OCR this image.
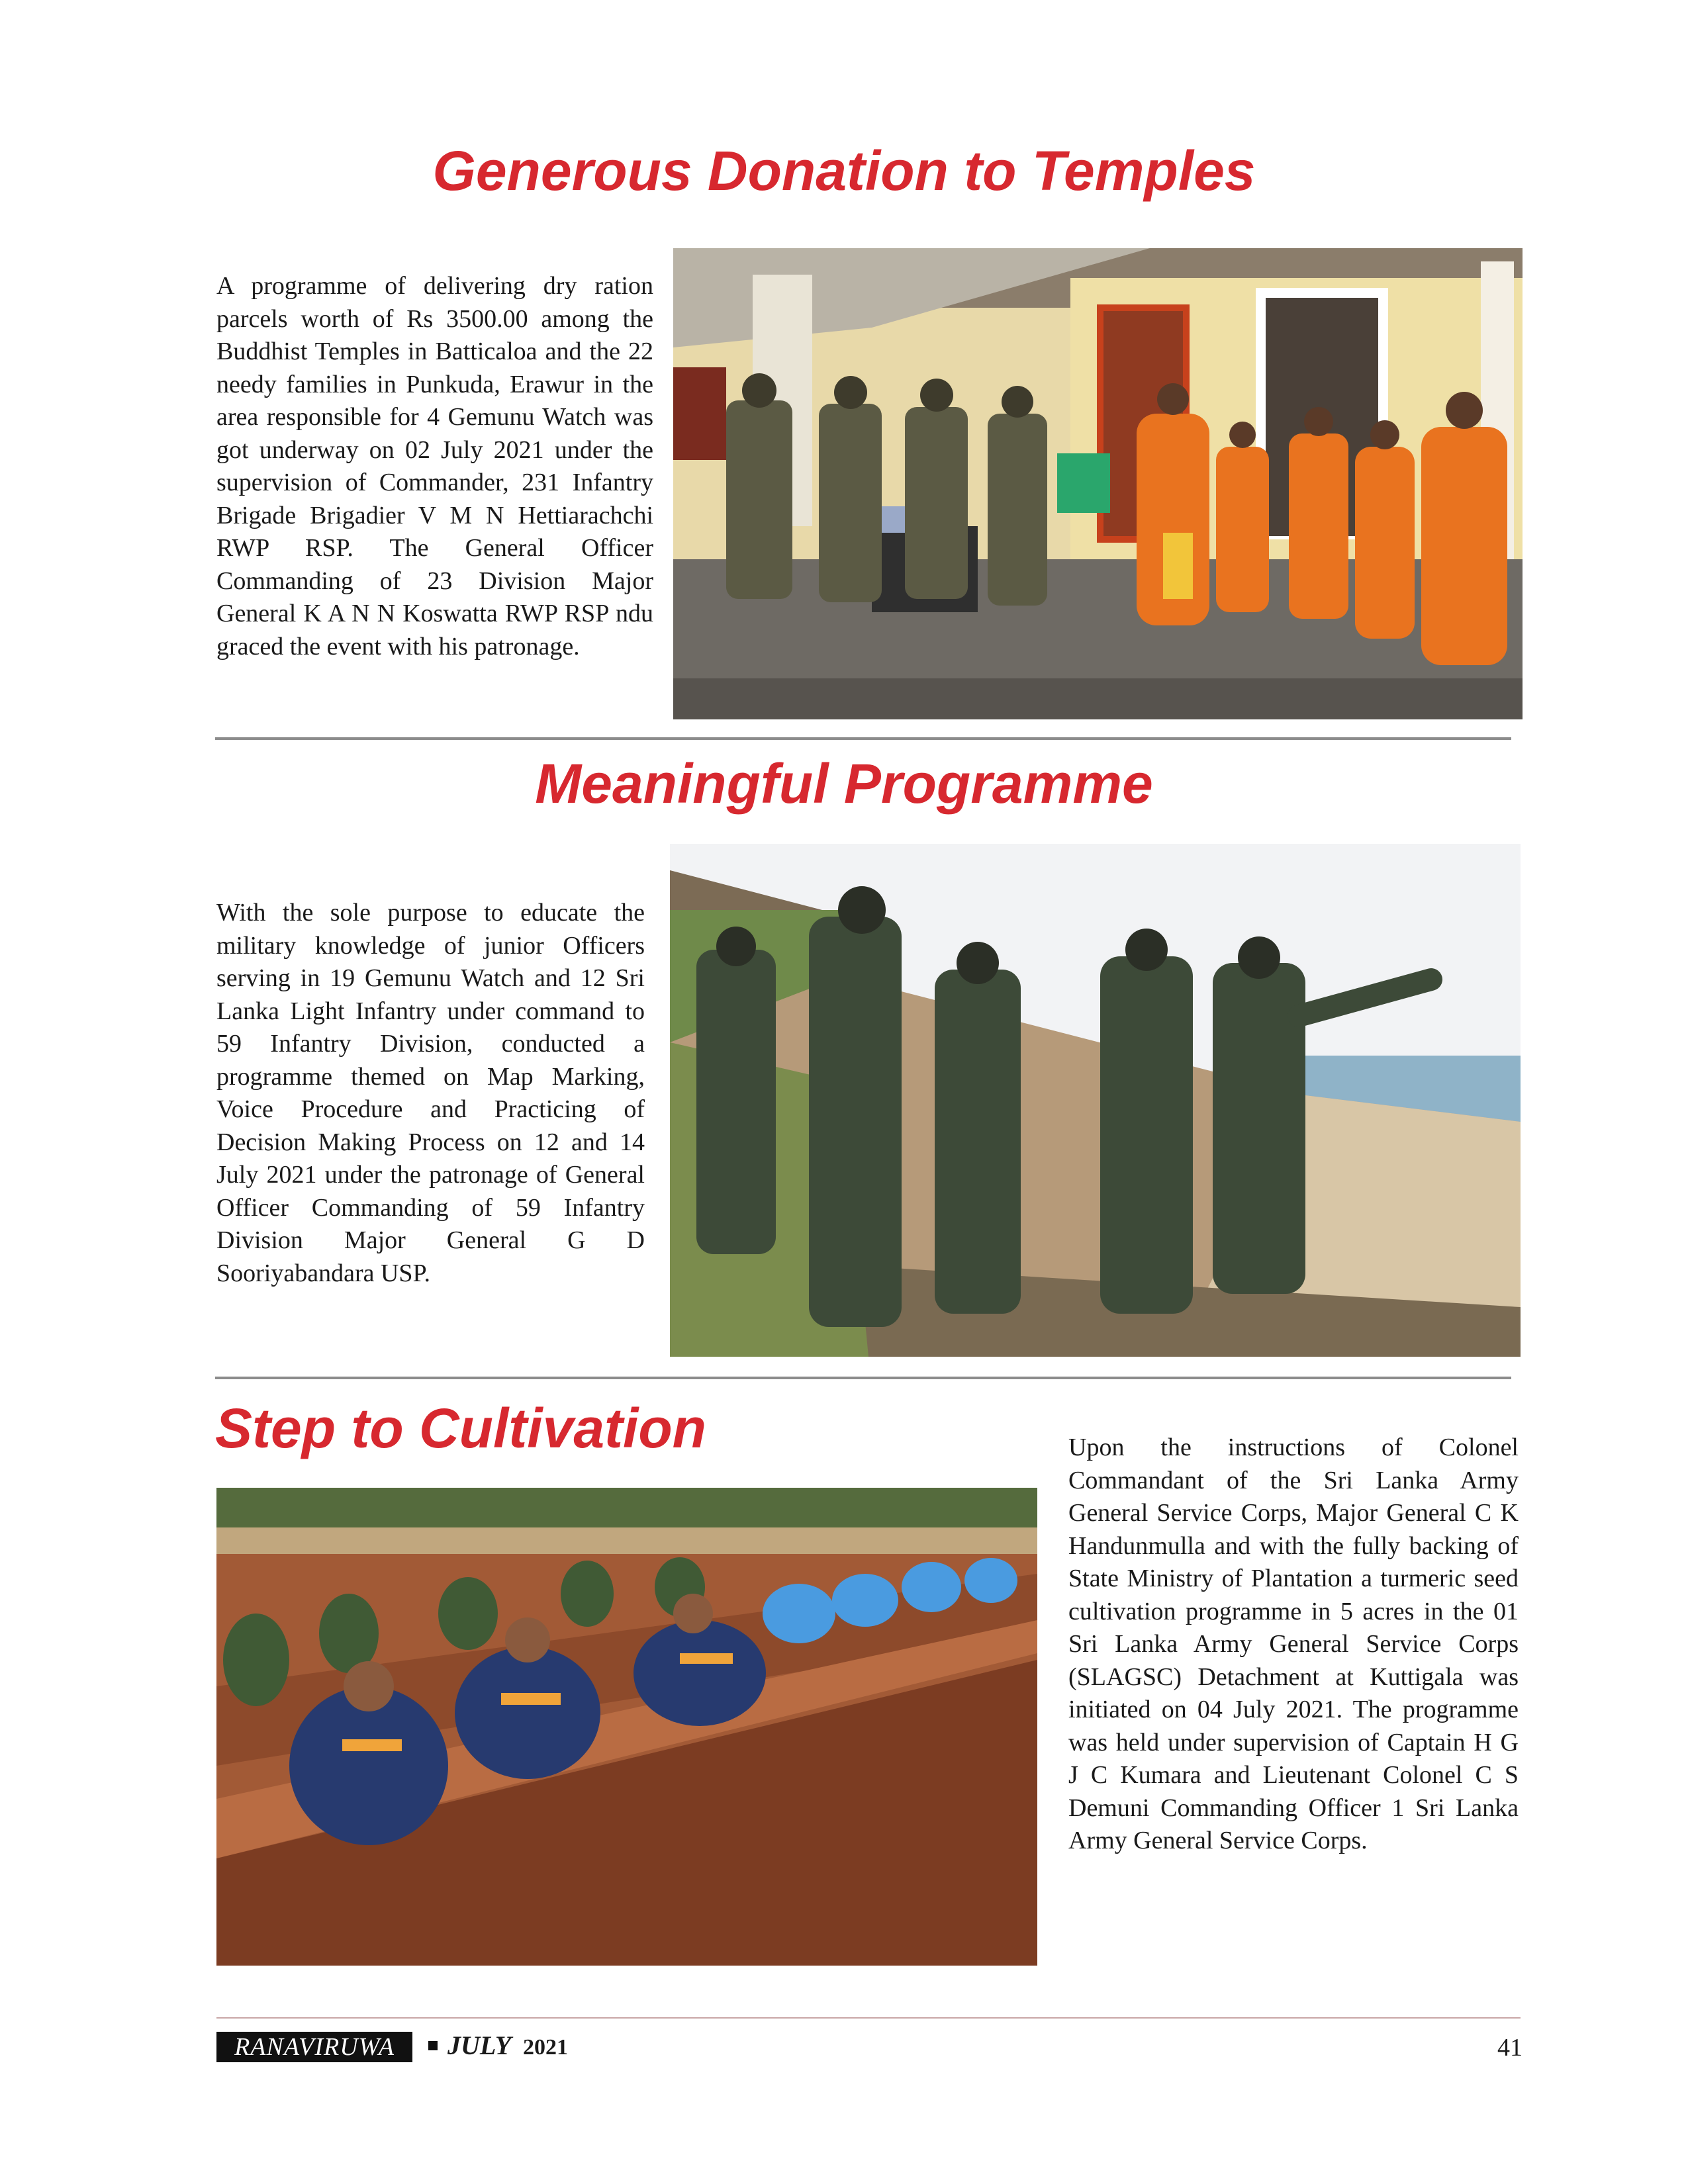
Generous Donation to Temples

A programme of delivering dry ration parcels worth of Rs 3500.00 among the Buddhist Temples in Batticaloa and the 22 needy families in Punkuda, Erawur in the area responsible for 4 Gemunu Watch was got underway on 02 July 2021 under the supervision of Commander, 231 Infantry Brigade Brigadier V M N Hettiarachchi RWP RSP. The General Officer Commanding of 23 Division Major General K A N N Koswatta RWP RSP ndu graced the event with his patronage.

Meaningful Programme

With the sole purpose to educate the military knowledge of junior Officers serving in 19 Gemunu Watch and 12 Sri Lanka Light Infantry under command to 59 Infantry Division, conducted a programme themed on Map Marking, Voice Procedure and Practicing of Decision Making Process on 12 and 14 July 2021 under the patronage of General Officer Commanding of 59 Infantry Division Major General G D Sooriyabandara USP.

Step to Cultivation	Upon the instructions of Colonel Commandant of the Sri Lanka Army General Service Corps, Major General C K Handunmulla and with the fully backing of State Ministry of Plantation a turmeric seed cultivation programme in 5 acres in the 01 Sri Lanka Army General Service Corps (SLAGSC) Detachment at Kuttigala was initiated on 04 July 2021. The programme was held under supervision of Captain H G J C Kumara and Lieutenant Colonel C S Demuni Commanding Officer 1 Sri Lanka Army General Service Corps.

RANAVIRUWA	JULY 2021	41
